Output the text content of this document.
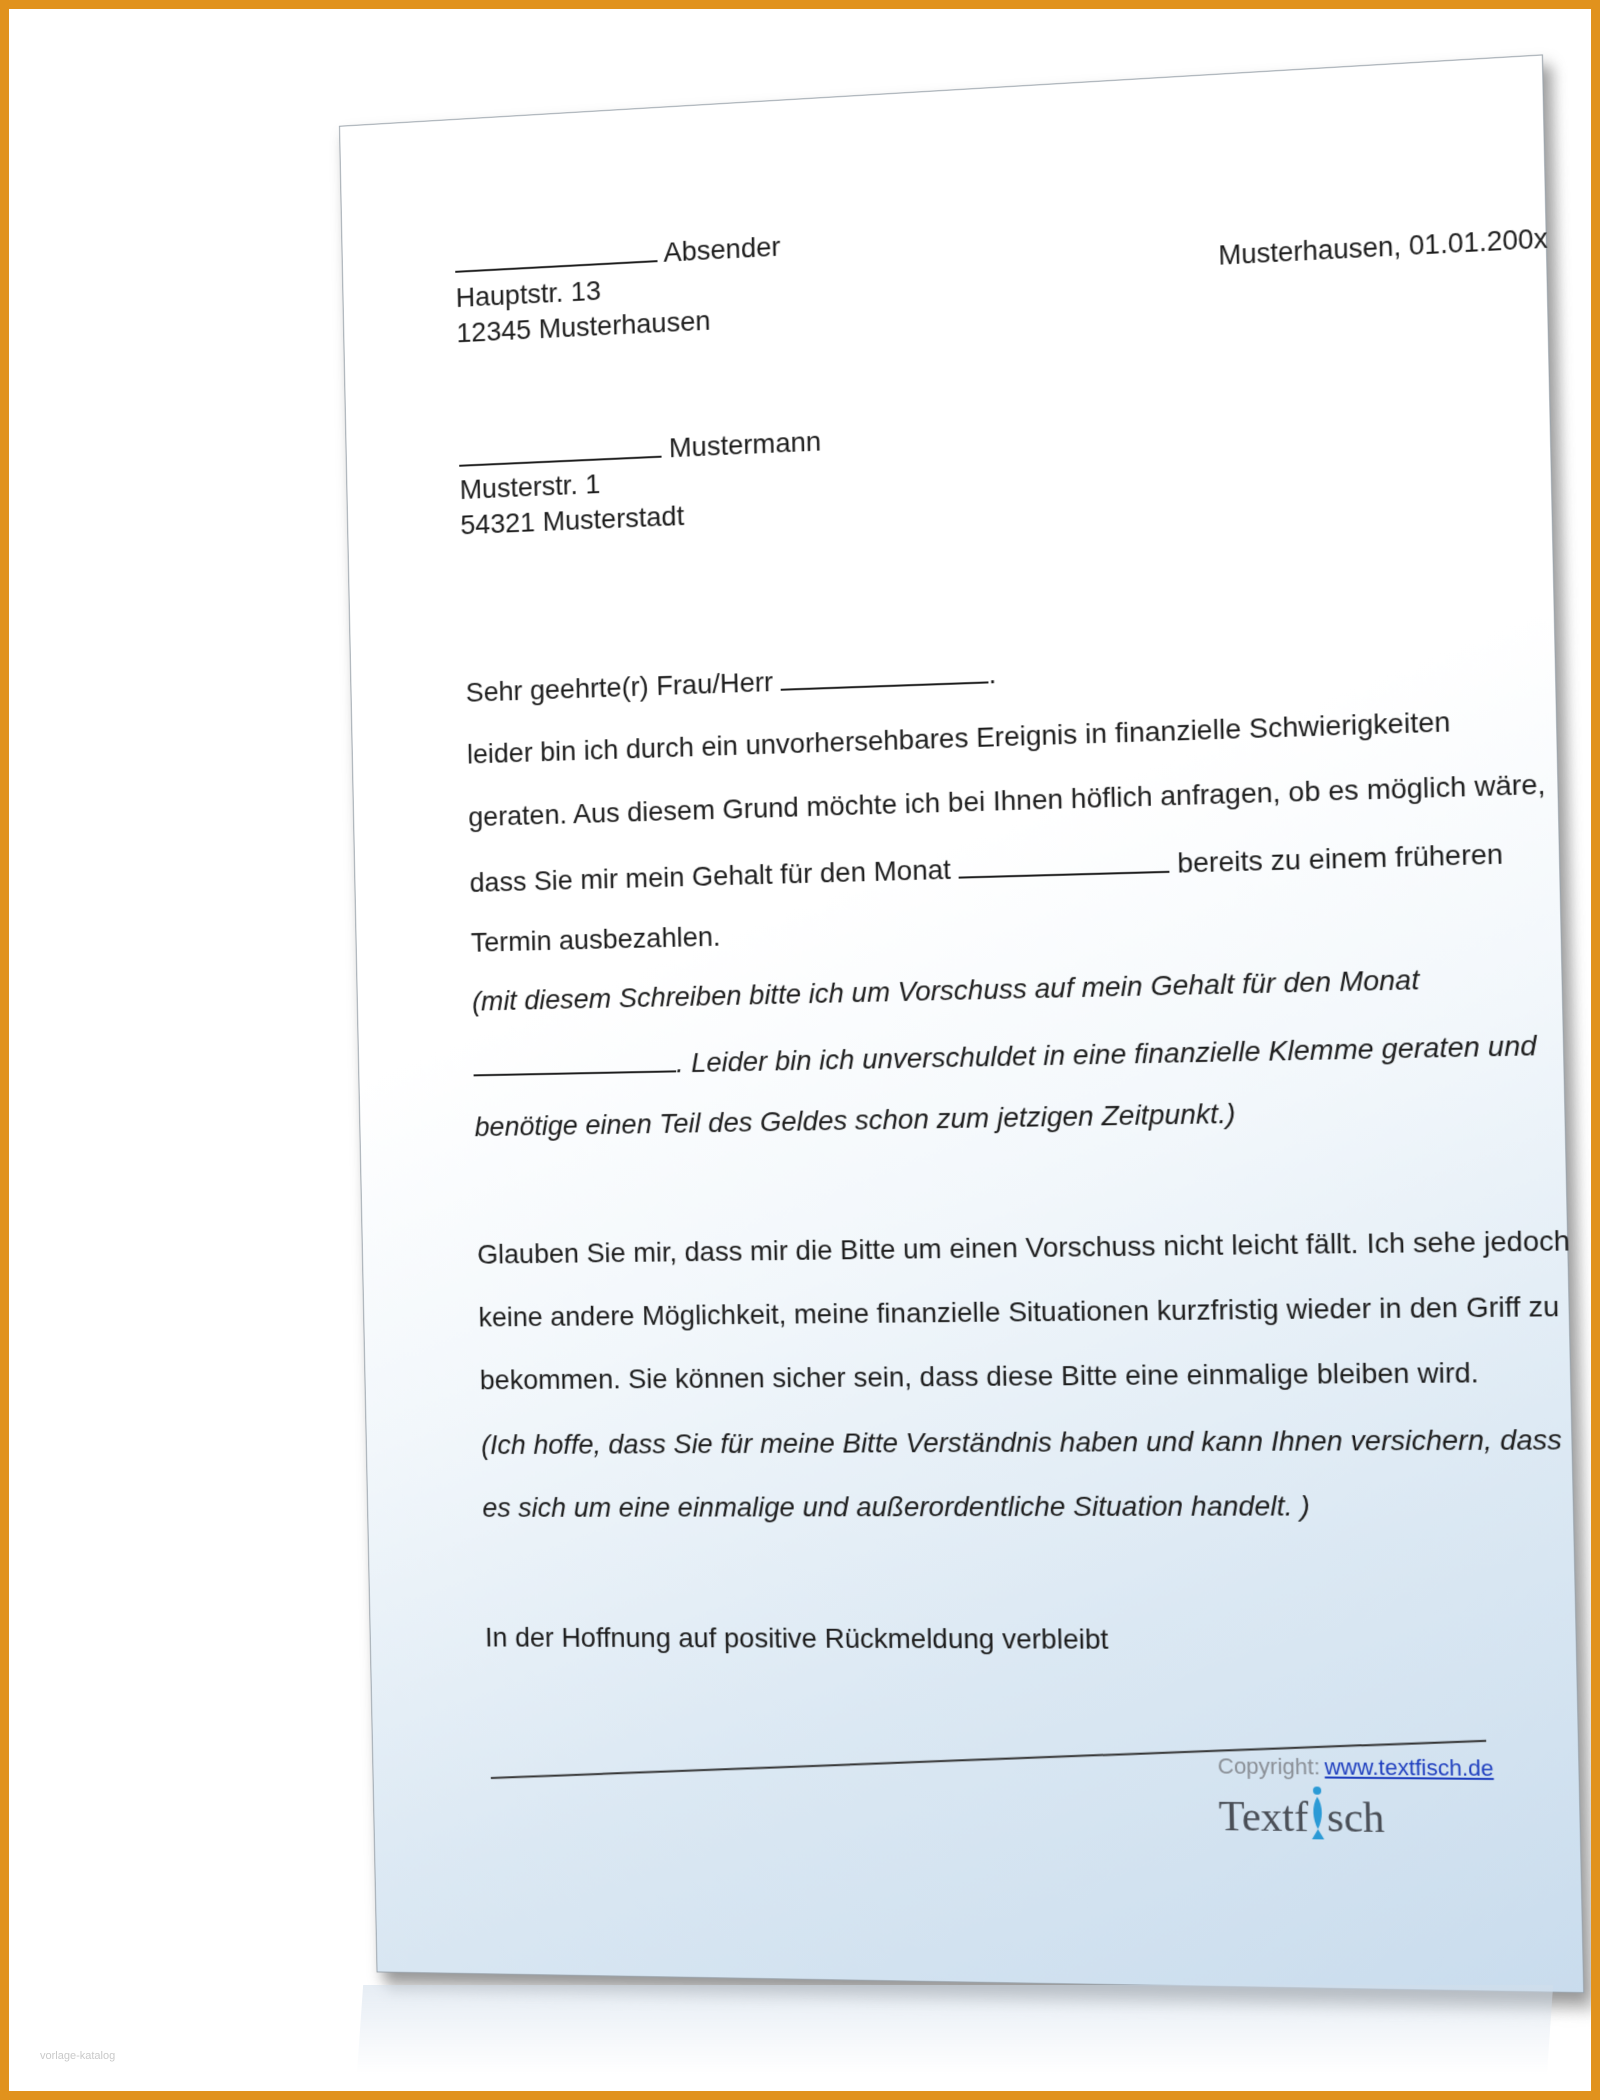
Absender
Hauptstr. 13
12345 Musterhausen
Musterhausen, 01.01.200x
Mustermann
Musterstr. 1
54321 Musterstadt
Sehr geehrte(r) Frau/Herr	.
leider bin ich durch ein unvorhersehbares Ereignis in finanzielle Schwierigkeiten
geraten. Aus diesem Grund möchte ich bei Ihnen höflich anfragen, ob es möglich wäre,
dass Sie mir mein Gehalt für den Monat	bereits zu einem früheren
Termin ausbezahlen.
(mit diesem Schreiben bitte ich um Vorschuss auf mein Gehalt für den Monat
. Leider bin ich unverschuldet in eine finanzielle Klemme geraten und
benötige einen Teil des Geldes schon zum jetzigen Zeitpunkt.)
Glauben Sie mir, dass mir die Bitte um einen Vorschuss nicht leicht fällt. Ich sehe jedoch
keine andere Möglichkeit, meine finanzielle Situationen kurzfristig wieder in den Griff zu
bekommen. Sie können sicher sein, dass diese Bitte eine einmalige bleiben wird.
(Ich hoffe, dass Sie für meine Bitte Verständnis haben und kann Ihnen versichern, dass
es sich um eine einmalige und außerordentliche Situation handelt. )
In der Hoffnung auf positive Rückmeldung verbleibt
Copyright: www.textfisch.de
Textf sch
vorlage-katalog
